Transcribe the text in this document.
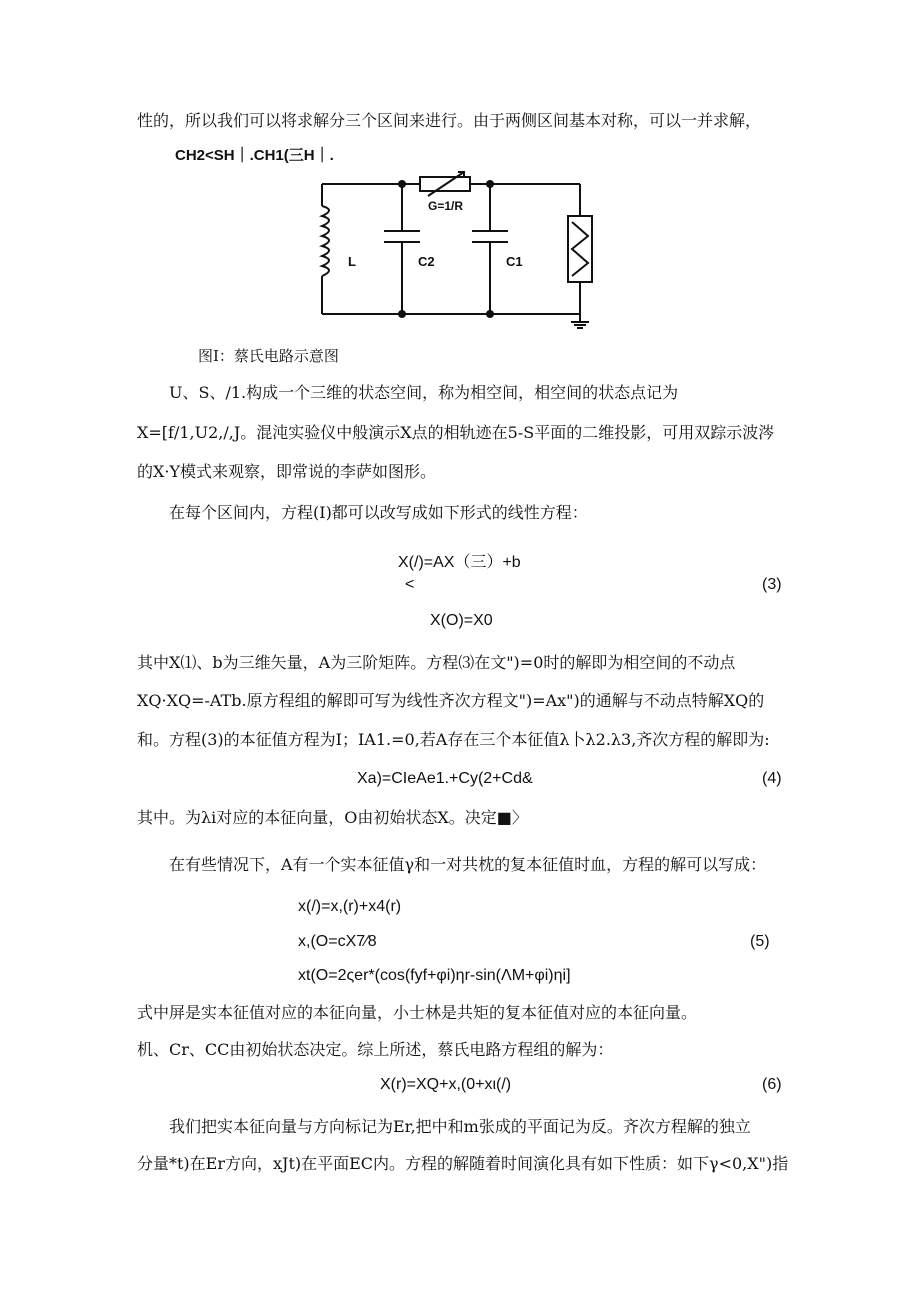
性的，所以我们可以将求解分三个区间来进行。由于两侧区间基本对称，可以一并求解，
CH2<SH｜.CH1(三H｜.
G=1/R
L	C2	C1
图I：蔡氏电路示意图
U、S、/1.构成一个三维的状态空间，称为相空间，相空间的状态点记为
X=[f∕1,U2,/,J。混沌实验仪中般演示X点的相轨迹在5-S平面的二维投影，可用双踪示波涔
的X·Y模式来观察，即常说的李萨如图形。
在每个区间内，方程(I)都可以改写成如下形式的线性方程：
X(/)=AX（三）+b
<	(3)
X(O)=X0
其中X⑴、b为三维矢量，A为三阶矩阵。方程⑶在文")=0时的解即为相空间的不动点
XQ·XQ=-ATb.原方程组的解即可写为线性齐次方程文")=Ax")的通解与不动点特解XQ的
和。方程(3)的本征值方程为I；IA1.=0,若A存在三个本征值λ卜λ2.λ3,齐次方程的解即为:
Xa)=CIeAe1.+Cy(2+Cd&	(4)
其中。为λi对应的本征向量，O由初始状态X。决定■〉
在有些情况下，A有一个实本征值γ和一对共枕的复本征值时血，方程的解可以写成：
x(/)=x,(r)+x4(r)
x,(O=cX7∕8	(5)
xt(O=2ςer*(cos(fyf+φi)ηr-sin(ΛM+φi)ηi]
式中屏是实本征值对应的本征向量，小士林是共矩的复本征值对应的本征向量。
机、Cr、CC由初始状态决定。综上所述，蔡氏电路方程组的解为：
X(r)=XQ+x,(0+xι(/)	(6)
我们把实本征向量与方向标记为Er,把中和m张成的平面记为反。齐次方程解的独立
分量*t)在Er方向，xJt)在平面EC内。方程的解随着时间演化具有如下性质：如下γ<0,X")指
